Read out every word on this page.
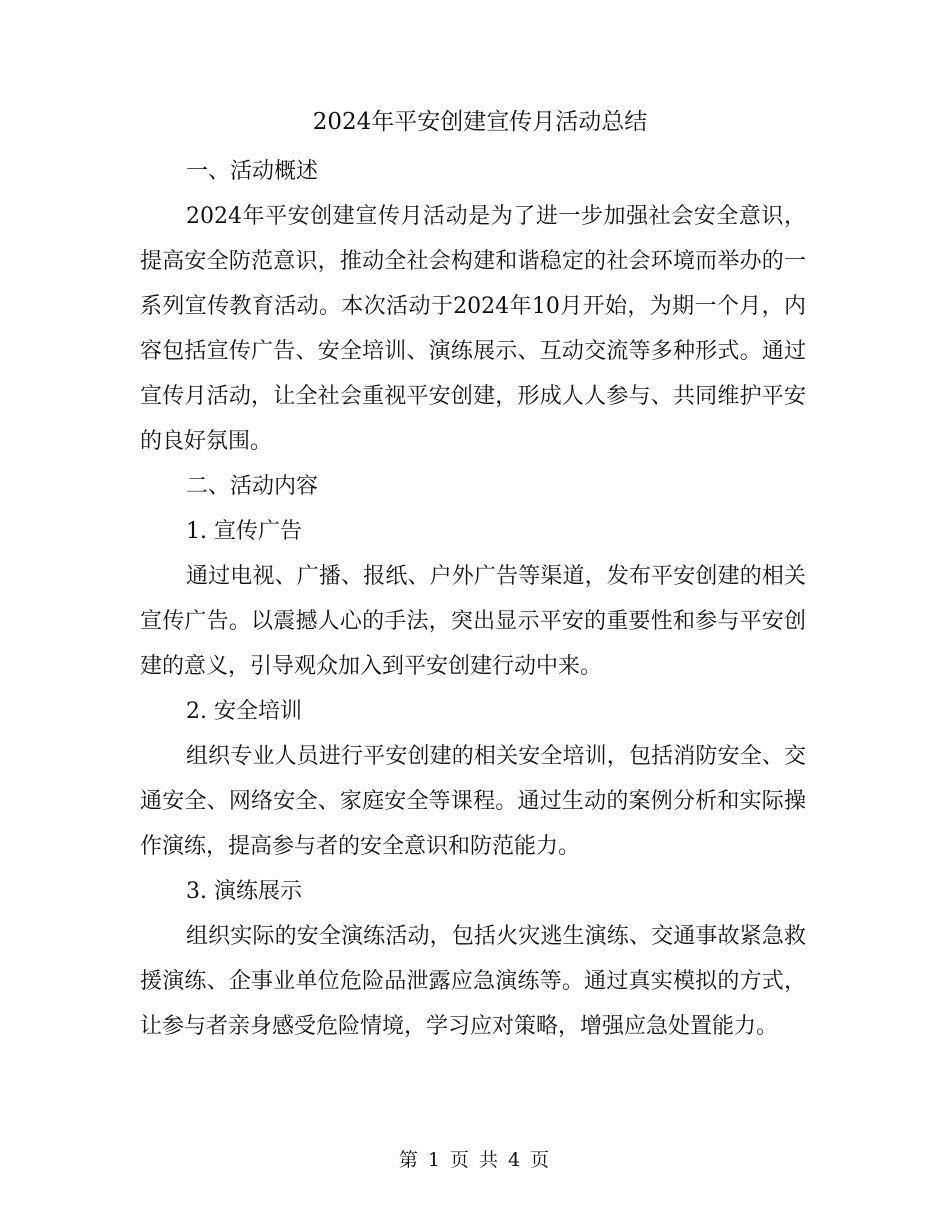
2024年平安创建宣传月活动总结

一、活动概述

2024年平安创建宣传月活动是为了进一步加强社会安全意识，提高安全防范意识，推动全社会构建和谐稳定的社会环境而举办的一系列宣传教育活动。本次活动于2024年10月开始，为期一个月，内容包括宣传广告、安全培训、演练展示、互动交流等多种形式。通过宣传月活动，让全社会重视平安创建，形成人人参与、共同维护平安的良好氛围。

二、活动内容

1. 宣传广告

通过电视、广播、报纸、户外广告等渠道，发布平安创建的相关宣传广告。以震撼人心的手法，突出显示平安的重要性和参与平安创建的意义，引导观众加入到平安创建行动中来。

2. 安全培训

组织专业人员进行平安创建的相关安全培训，包括消防安全、交通安全、网络安全、家庭安全等课程。通过生动的案例分析和实际操作演练，提高参与者的安全意识和防范能力。

3. 演练展示

组织实际的安全演练活动，包括火灾逃生演练、交通事故紧急救援演练、企事业单位危险品泄露应急演练等。通过真实模拟的方式，让参与者亲身感受危险情境，学习应对策略，增强应急处置能力。

第 1 页 共 4 页
